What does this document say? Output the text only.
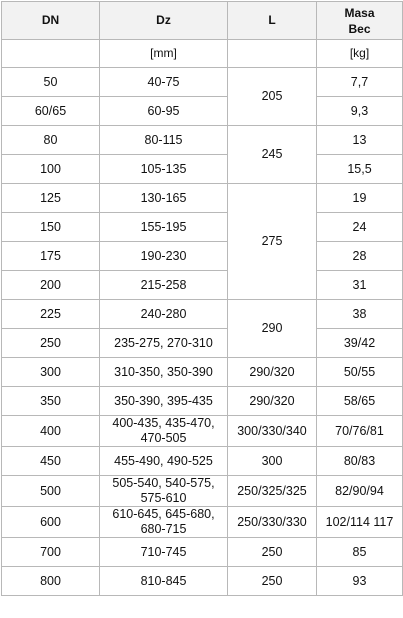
DN	Dz	L	Masa
Bec

	[mm]		[kg]
50	40-75	205	7,7
60/65	60-95		9,3
80	80-115	245	13
100	105-135		15,5
125	130-165	275	19
150	155-195		24
175	190-230		28
200	215-258		31
225	240-280	290	38
250	235-275, 270-310		39/42
300	310-350, 350-390	290/320	50/55
350	350-390, 395-435	290/320	58/65
400	400-435, 435-470, 470-505	300/330/340	70/76/81
450	455-490, 490-525	300	80/83
500	505-540, 540-575, 575-610	250/325/325	82/90/94
600	610-645, 645-680, 680-715	250/330/330	102/114 117
700	710-745	250	85
800	810-845	250	93
